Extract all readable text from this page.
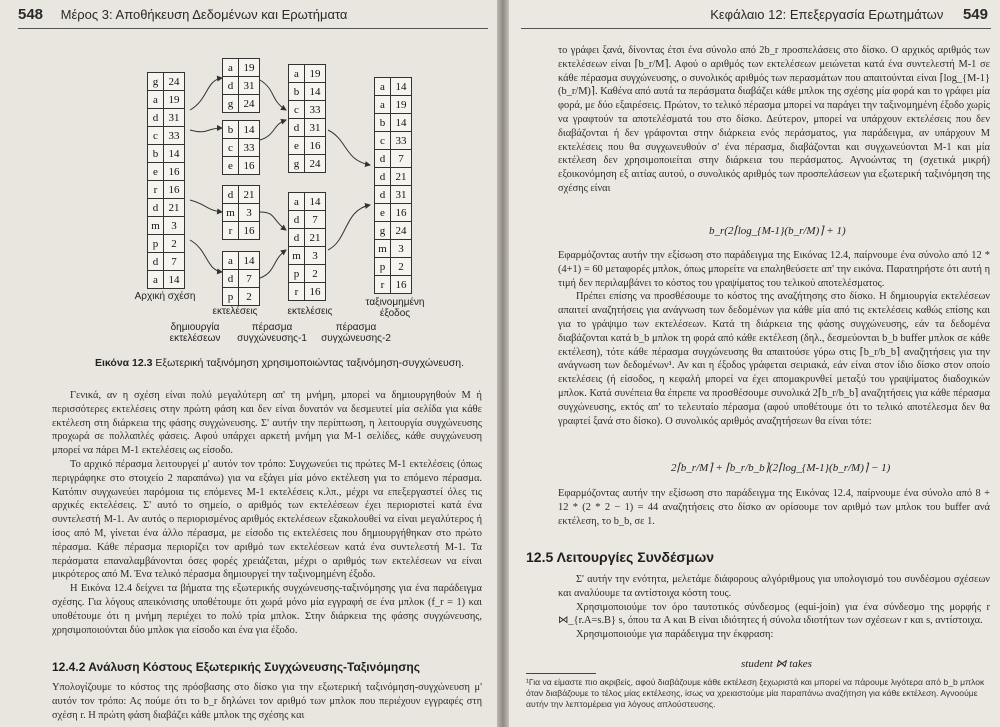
548 Μέρος 3: Αποθήκευση Δεδομένων και Ερωτήματα
g 24
a 19
d 31
c 33
b 14
e 16
r	16
d 21
m	3
p	2
d	7
a 14
a 19
d 31
g 24
b 14
c 33
e 16
d 21
m	3
r	16
a 14
d	7
p	2
a 19
b 14
c 33
d 31
e 16
g 24
a 14
d	7
d 21
m	3
p	2
r	16
a 14
a 19
b 14
c 33
d	7
d 21
d 31
e 16
g 24
m	3
p	2
r	16
Αρχική σχέση
εκτελέσεις	εκτελέσεις
ταξινομημένη έξοδος
δημιουργία εκτελέσεων
πέρασμα συγχώνευσης-1
πέρασμα συγχώνευσης-2
Εικόνα 12.3 Εξωτερική ταξινόμηση χρησιμοποιώντας ταξινόμηση-συγχώνευση.

Γενικά, αν η σχέση είναι πολύ μεγαλύτερη απ' τη μνήμη, μπορεί να δημιουργηθούν M ή περισσότερες εκτελέσεις στην πρώτη φάση και δεν είναι δυνατόν να δεσμευτεί μία σελίδα για κάθε εκτέλεση στη διάρκεια της φάσης συγχώνευσης. Σ' αυτήν την περίπτωση, η λειτουργία συγχώνευσης προχωρά σε πολλαπλές φάσεις. Αφού υπάρχει αρκετή μνήμη για M-1 σελίδες, κάθε συγχώνευση μπορεί να πάρει M-1 εκτελέσεις ως είσοδο.

Το αρχικό πέρασμα λειτουργεί μ' αυτόν τον τρόπο: Συγχωνεύει τις πρώτες M-1 εκτελέσεις (όπως περιγράφηκε στο στοιχείο 2 παραπάνω) για να εξάγει μία μόνο εκτέλεση για το επόμενο πέρασμα. Κατόπιν συγχωνεύει παρόμοια τις επόμενες M-1 εκτελέσεις κ.λπ., μέχρι να επεξεργαστεί όλες τις αρχικές εκτελέσεις. Σ' αυτό το σημείο, ο αριθμός των εκτελέσεων έχει περιοριστεί κατά ένα συντελεστή M-1. Αν αυτός ο περιορισμένος αριθμός εκτελέσεων εξακολουθεί να είναι μεγαλύτερος ή ίσος από M, γίνεται ένα άλλο πέρασμα, με είσοδο τις εκτελέσεις που δημιουργήθηκαν στο πρώτο πέρασμα. Κάθε πέρασμα περιορίζει τον αριθμό των εκτελέσεων κατά ένα συντελεστή M-1. Τα περάσματα επαναλαμβάνονται όσες φορές χρειάζεται, μέχρι ο αριθμός των εκτελέσεων να είναι μικρότερος από M. Ένα τελικό πέρασμα δημιουργεί την ταξινομημένη έξοδο.

Η Εικόνα 12.4 δείχνει τα βήματα της εξωτερικής συγχώνευσης-ταξινόμησης για ένα παράδειγμα σχέσης. Για λόγους απεικόνισης υποθέτουμε ότι χωρά μόνο μία εγγραφή σε ένα μπλοκ (f_r = 1) και υποθέτουμε ότι η μνήμη περιέχει το πολύ τρία μπλοκ. Στην διάρκεια της φάσης συγχώνευσης, χρησιμοποιούνται δύο μπλοκ για είσοδο και ένα για έξοδο.

12.4.2 Ανάλυση Κόστους Εξωτερικής Συγχώνευσης-Ταξινόμησης

Υπολογίζουμε το κόστος της πρόσβασης στο δίσκο για την εξωτερική ταξινόμηση-συγχώνευση μ' αυτόν τον τρόπο: Ας πούμε ότι το b_r δηλώνει τον αριθμό των μπλοκ που περιέχουν εγγραφές στη σχέση r. Η πρώτη φάση διαβάζει κάθε μπλοκ της σχέσης και

Κεφάλαιο 12: Επεξεργασία Ερωτημάτων 549

το γράφει ξανά, δίνοντας έτσι ένα σύνολο από 2b_r προσπελάσεις στο δίσκο. Ο αρχικός αριθμός των εκτελέσεων είναι ⌈b_r/M⌉. Αφού ο αριθμός των εκτελέσεων μειώνεται κατά ένα συντελεστή M-1 σε κάθε πέρασμα συγχώνευσης, ο συνολικός αριθμός των περασμάτων που απαιτούνται είναι ⌈log_{M-1}(b_r/M)⌉. Καθένα από αυτά τα περάσματα διαβάζει κάθε μπλοκ της σχέσης μία φορά και το γράφει μία φορά, με δύο εξαιρέσεις. Πρώτον, το τελικό πέρασμα μπορεί να παράγει την ταξινομημένη έξοδο χωρίς να γραφτούν τα αποτελέσματά του στο δίσκο. Δεύτερον, μπορεί να υπάρχουν εκτελέσεις που δεν διαβάζονται ή δεν γράφονται στην διάρκεια ενός περάσματος, για παράδειγμα, αν υπάρχουν M εκτελέσεις που θα συγχωνευθούν σ' ένα πέρασμα, διαβάζονται και συγχωνεύονται M-1 και μία εκτέλεση δεν χρησιμοποιείται στην διάρκεια του περάσματος. Αγνοώντας τη (σχετικά μικρή) εξοικονόμηση εξ αιτίας αυτού, ο συνολικός αριθμός των προσπελάσεων για εξωτερική ταξινόμηση της σχέσης είναι

b_r(2⌈log_{M-1}(b_r/M)⌉ + 1)

Εφαρμόζοντας αυτήν την εξίσωση στο παράδειγμα της Εικόνας 12.4, παίρνουμε ένα σύνολο από 12 * (4+1) = 60 μεταφορές μπλοκ, όπως μπορείτε να επαληθεύσετε απ' την εικόνα. Παρατηρήστε ότι αυτή η τιμή δεν περιλαμβάνει το κόστος του γραψίματος του τελικού αποτελέσματος.

Πρέπει επίσης να προσθέσουμε το κόστος της αναζήτησης στο δίσκο. Η δημιουργία εκτελέσεων απαιτεί αναζητήσεις για ανάγνωση των δεδομένων για κάθε μία από τις εκτελέσεις καθώς επίσης και για το γράψιμο των εκτελέσεων. Κατά τη διάρκεια της φάσης συγχώνευσης, εάν τα δεδομένα διαβάζονται κατά b_b μπλοκ τη φορά από κάθε εκτέλεση (δηλ., δεσμεύονται b_b buffer μπλοκ σε κάθε εκτέλεση), τότε κάθε πέρασμα συγχώνευσης θα απαιτούσε γύρω στις ⌈b_r/b_b⌉ αναζητήσεις για την ανάγνωση των δεδομένων¹. Αν και η έξοδος γράφεται σειριακά, εάν είναι στον ίδιο δίσκο στον οποίο εκτελέσεις (ή είσοδος, η κεφαλή μπορεί να έχει απομακρυνθεί μεταξύ του γραψίματος διαδοχικών μπλοκ. Κατά συνέπεια θα έπρεπε να προσθέσουμε συνολικά 2⌈b_r/b_b⌉ αναζητήσεις για κάθε πέρασμα συγχώνευσης, εκτός απ' το τελευταίο πέρασμα (αφού υποθέτουμε ότι το τελικό αποτέλεσμα δεν θα γραφτεί ξανά στο δίσκο). Ο συνολικός αριθμός αναζητήσεων θα είναι τότε:

2⌈b_r/M⌉ + ⌈b_r/b_b⌉(2⌈log_{M-1}(b_r/M)⌉ − 1)

Εφαρμόζοντας αυτήν την εξίσωση στο παράδειγμα της Εικόνας 12.4, παίρνουμε ένα σύνολο από 8 + 12 * (2 * 2 − 1) = 44 αναζητήσεις στο δίσκο αν ορίσουμε τον αριθμό των μπλοκ του buffer ανά εκτέλεση, το b_b, σε 1.

12.5 Λειτουργίες Συνδέσμων

Σ' αυτήν την ενότητα, μελετάμε διάφορους αλγόριθμους για υπολογισμό του συνδέσμου σχέσεων και αναλύουμε τα αντίστοιχα κόστη τους.

Χρησιμοποιούμε τον όρο ταυτοτικός σύνδεσμος (equi-join) για ένα σύνδεσμο της μορφής r ⋈_{r.A=s.B} s, όπου τα A και B είναι ιδιότητες ή σύνολα ιδιοτήτων των σχέσεων r και s, αντίστοιχα.

Χρησιμοποιούμε για παράδειγμα την έκφραση:

student ⋈ takes
¹Για να είμαστε πιο ακριβείς, αφού διαβάζουμε κάθε εκτέλεση ξεχωριστά και μπορεί να πάρουμε λιγότερα από b_b μπλοκ όταν διαβάζουμε το τέλος μίας εκτέλεσης, ίσως να χρειαστούμε μία παραπάνω αναζήτηση για κάθε εκτέλεση. Αγνοούμε αυτήν την λεπτομέρεια για λόγους απλούστευσης.
